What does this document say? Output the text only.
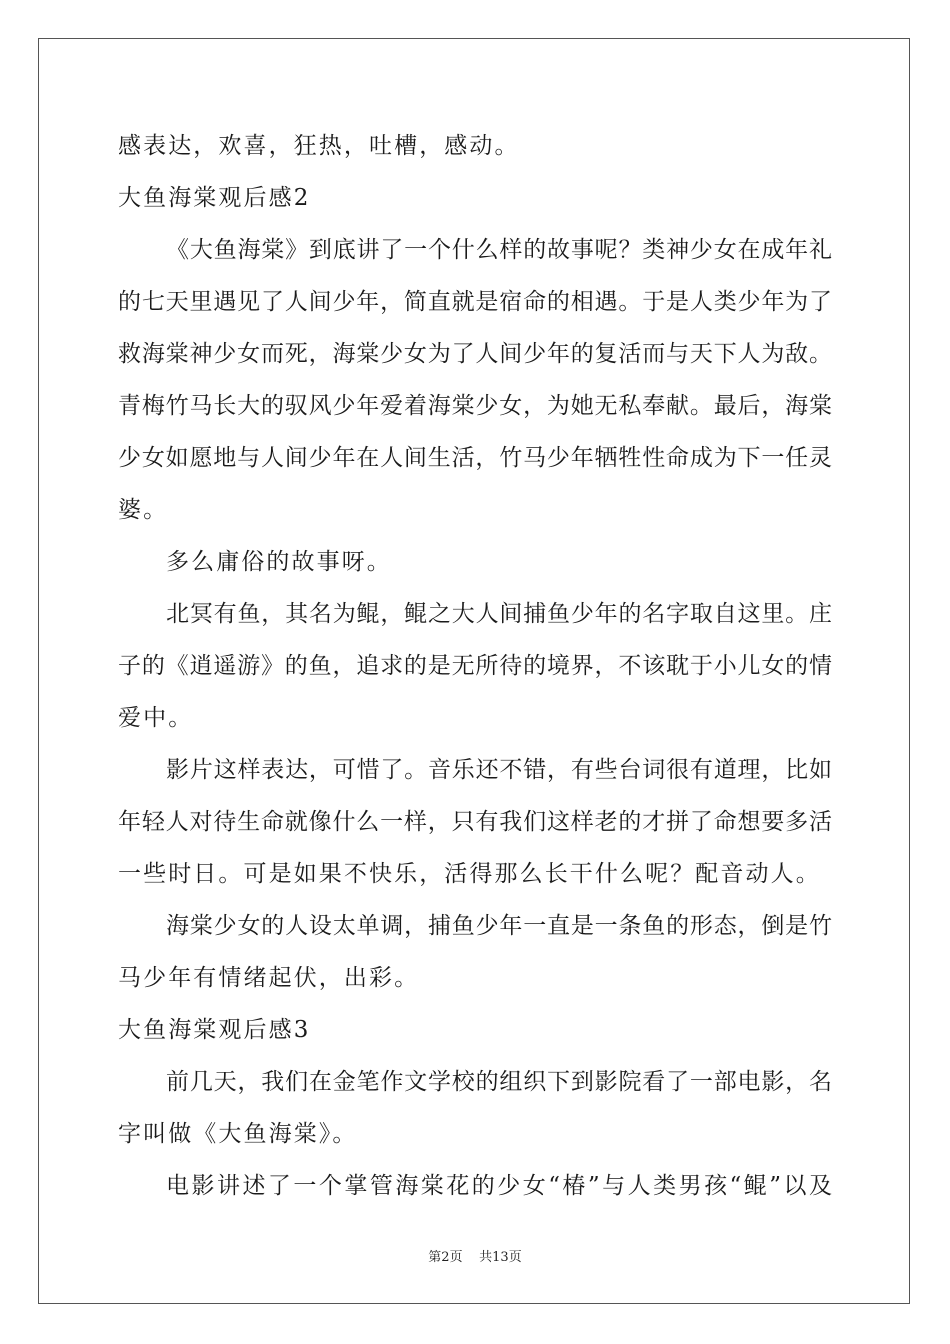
感表达，欢喜，狂热，吐槽，感动。
大鱼海棠观后感2
《大鱼海棠》到底讲了一个什么样的故事呢？类神少女在成年礼
的七天里遇见了人间少年，简直就是宿命的相遇。于是人类少年为了
救海棠神少女而死，海棠少女为了人间少年的复活而与天下人为敌。
青梅竹马长大的驭风少年爱着海棠少女，为她无私奉献。最后，海棠
少女如愿地与人间少年在人间生活，竹马少年牺牲性命成为下一任灵
婆。
多么庸俗的故事呀。
北冥有鱼，其名为鲲，鲲之大人间捕鱼少年的名字取自这里。庄
子的《逍遥游》的鱼，追求的是无所待的境界，不该耽于小儿女的情
爱中。
影片这样表达，可惜了。音乐还不错，有些台词很有道理，比如
年轻人对待生命就像什么一样，只有我们这样老的才拼了命想要多活
一些时日。可是如果不快乐，活得那么长干什么呢？配音动人。
海棠少女的人设太单调，捕鱼少年一直是一条鱼的形态，倒是竹
马少年有情绪起伏，出彩。
大鱼海棠观后感3
前几天，我们在金笔作文学校的组织下到影院看了一部电影，名
字叫做《大鱼海棠》。
电影讲述了一个掌管海棠花的少女“椿”与人类男孩“鲲”以及
第2页 共13页
